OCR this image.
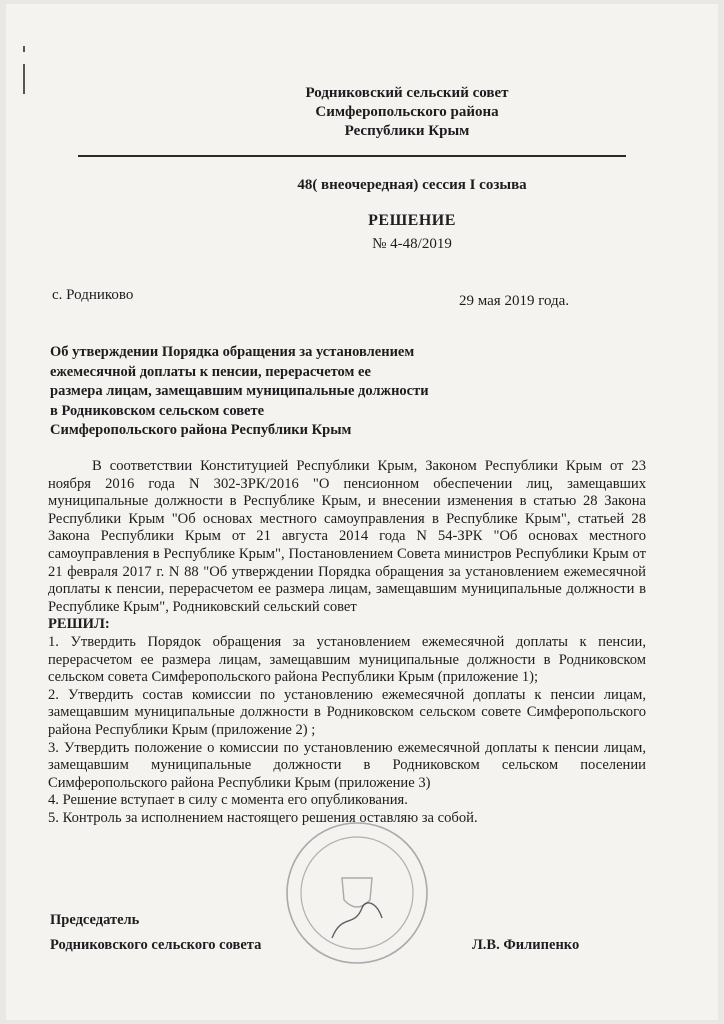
Родниковский сельский совет
Симферопольского района
Республики Крым
48( внеочередная) сессия I созыва
РЕШЕНИЕ
№ 4-48/2019
с. Родниково	29 мая 2019 года.
Об утверждении Порядка обращения за установлением
ежемесячной доплаты к пенсии, перерасчетом ее
размера лицам, замещавшим муниципальные должности
в Родниковском сельском совете
Симферопольского района Республики Крым

В соответствии Конституцией Республики Крым, Законом Республики Крым от 23 ноября 2016 года N 302-ЗРК/2016 "О пенсионном обеспечении лиц, замещавших муниципальные должности в Республике Крым, и внесении изменения в статью 28 Закона Республики Крым "Об основах местного самоуправления в Республике Крым", статьей 28 Закона Республики Крым от 21 августа 2014 года N 54-ЗРК "Об основах местного самоуправления в Республике Крым", Постановлением Совета министров Республики Крым от 21 февраля 2017 г. N 88 "Об утверждении Порядка обращения за установлением ежемесячной доплаты к пенсии, перерасчетом ее размера лицам, замещавшим муниципальные должности в Республике Крым", Родниковский сельский совет

РЕШИЛ:

1. Утвердить Порядок обращения за установлением ежемесячной доплаты к пенсии, перерасчетом ее размера лицам, замещавшим муниципальные должности в Родниковском сельском совета Симферопольского района Республики Крым (приложение 1);

2. Утвердить состав комиссии по установлению ежемесячной доплаты к пенсии лицам, замещавшим муниципальные должности в Родниковском сельском совете Симферопольского района Республики Крым (приложение 2) ;

3. Утвердить положение о комиссии по установлению ежемесячной доплаты к пенсии лицам, замещавшим муниципальные должности в Родниковском сельском поселении Симферопольского района Республики Крым (приложение 3)

4. Решение вступает в силу с момента его опубликования.

5. Контроль за исполнением настоящего решения оставляю за собой.

Председатель
Родниковского сельского совета	Л.В. Филипенко
